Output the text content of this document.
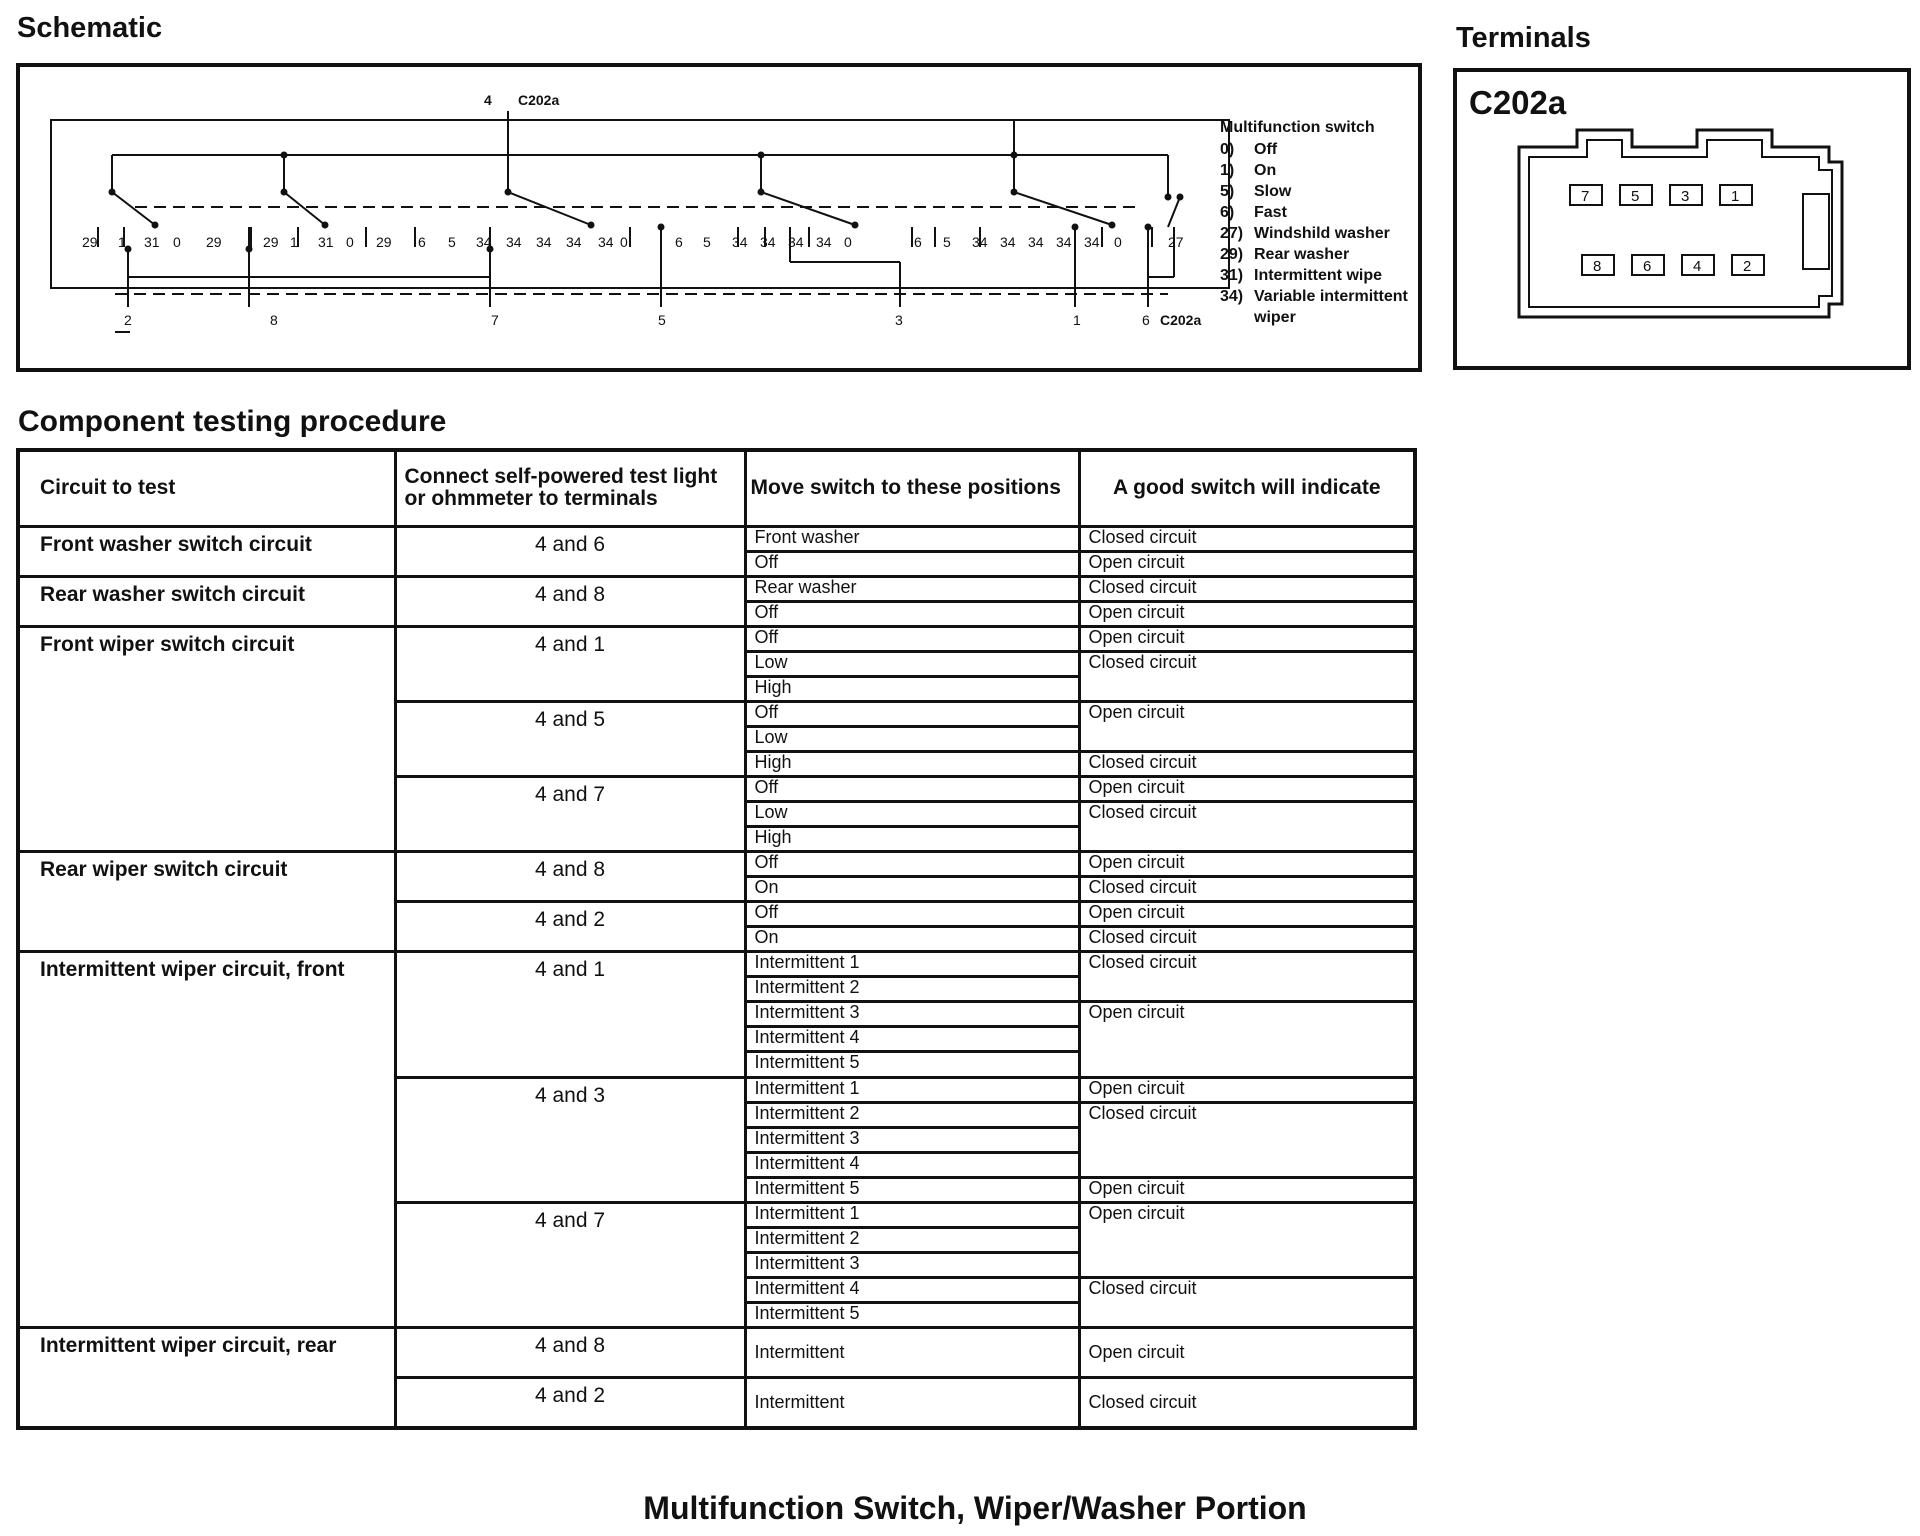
Schematic	Terminals
4 C202a
C202a
29 1 31 0 29	29 1 31 0 29 6 5 34 34 34 34 34 0	6 5 34 34 34 34 0	6 5 34 34 34 34 34 0	27
2	8	7	5	3	1	6
Multifunction switch
0)	Off
1)	On
5)	Slow
6)	Fast
27) Windshild washer
29) Rear washer
31) Intermittent wipe
34) Variable intermittent
wiper
C202a
7	5	3	1
8	6	4	2
Component testing procedure
Circuit to test	Connect self-powered test light
or ohmmeter to terminals	Move switch to these positions	A good switch will indicate
Front washer switch circuit	4 and 6	Front washer	Closed circuit
		Off	Open circuit
Rear washer switch circuit	4 and 8	Rear washer	Closed circuit
		Off	Open circuit
Front wiper switch circuit	4 and 1	Off	Open circuit
		Low	Closed circuit
		High	
	4 and 5	Off	Open circuit
		Low	
		High	Closed circuit
	4 and 7	Off	Open circuit
		Low	Closed circuit
		High	
Rear wiper switch circuit	4 and 8	Off	Open circuit
		On	Closed circuit
	4 and 2	Off	Open circuit
		On	Closed circuit
Intermittent wiper circuit, front	4 and 1	Intermittent 1	Closed circuit
		Intermittent 2	
		Intermittent 3	Open circuit
		Intermittent 4	
		Intermittent 5	
	4 and 3	Intermittent 1	Open circuit
		Intermittent 2	Closed circuit
		Intermittent 3	
		Intermittent 4	
		Intermittent 5	Open circuit
	4 and 7	Intermittent 1	Open circuit
		Intermittent 2	
		Intermittent 3	
		Intermittent 4	Closed circuit
		Intermittent 5	
Intermittent wiper circuit, rear	4 and 8	Intermittent	Open circuit
	4 and 2	Intermittent	Closed circuit
Multifunction Switch, Wiper/Washer Portion
